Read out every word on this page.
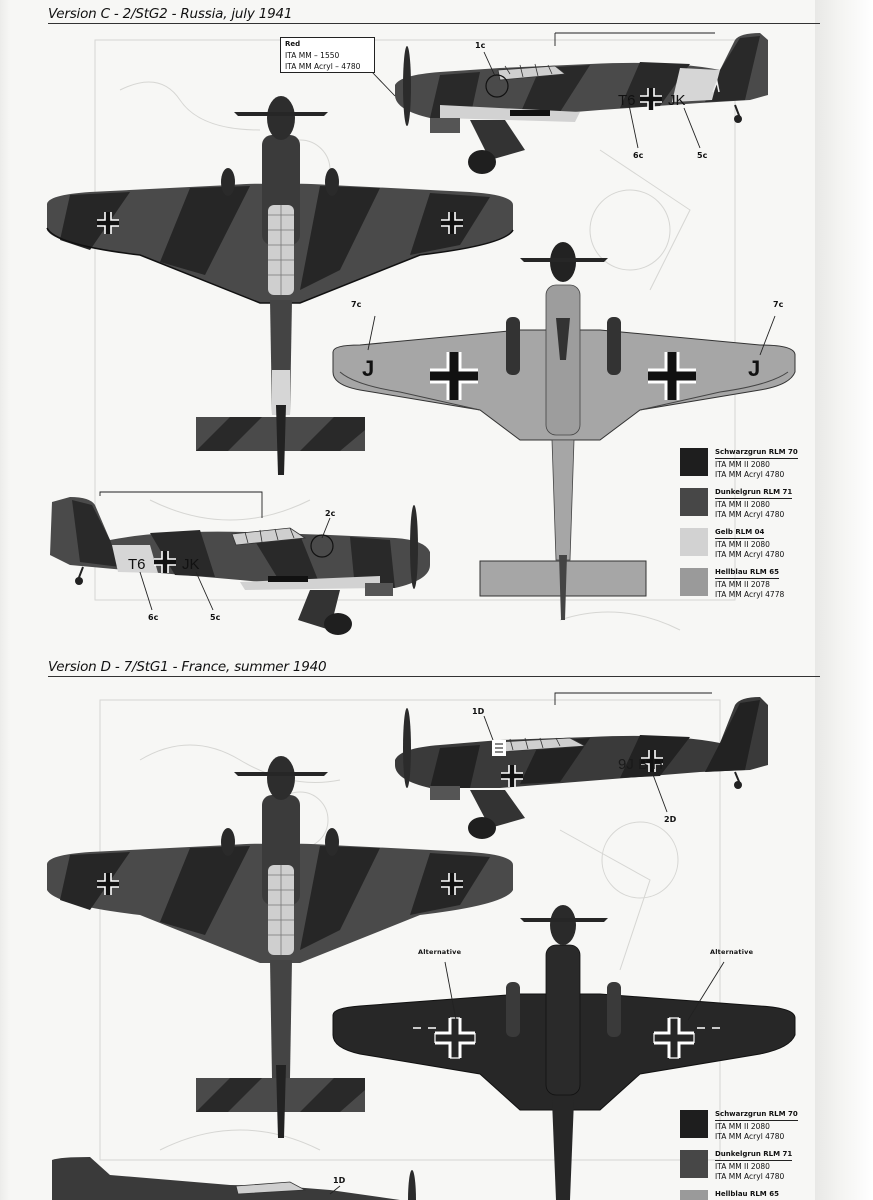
T6 JK
J	J
T6 JK
9J B H
Version C - 2/StG2 - Russia, july 1941
Red
ITA MM – 1550
ITA MM Acryl – 4780
1c
6c	5c
7c	7c
2c
6c	5c
Schwarzgrun RLM 70
ITA MM II 2080
ITA MM Acryl 4780
Dunkelgrun RLM 71
ITA MM II 2080
ITA MM Acryl 4780
Gelb RLM 04
ITA MM II 2080
ITA MM Acryl 4780
Hellblau RLM 65
ITA MM II 2078
ITA MM Acryl 4778
Version D - 7/StG1 - France, summer 1940
1D
2D
Alternative	Alternative
1D
Schwarzgrun RLM 70
ITA MM II 2080
ITA MM Acryl 4780
Dunkelgrun RLM 71
ITA MM II 2080
ITA MM Acryl 4780
Hellblau RLM 65
